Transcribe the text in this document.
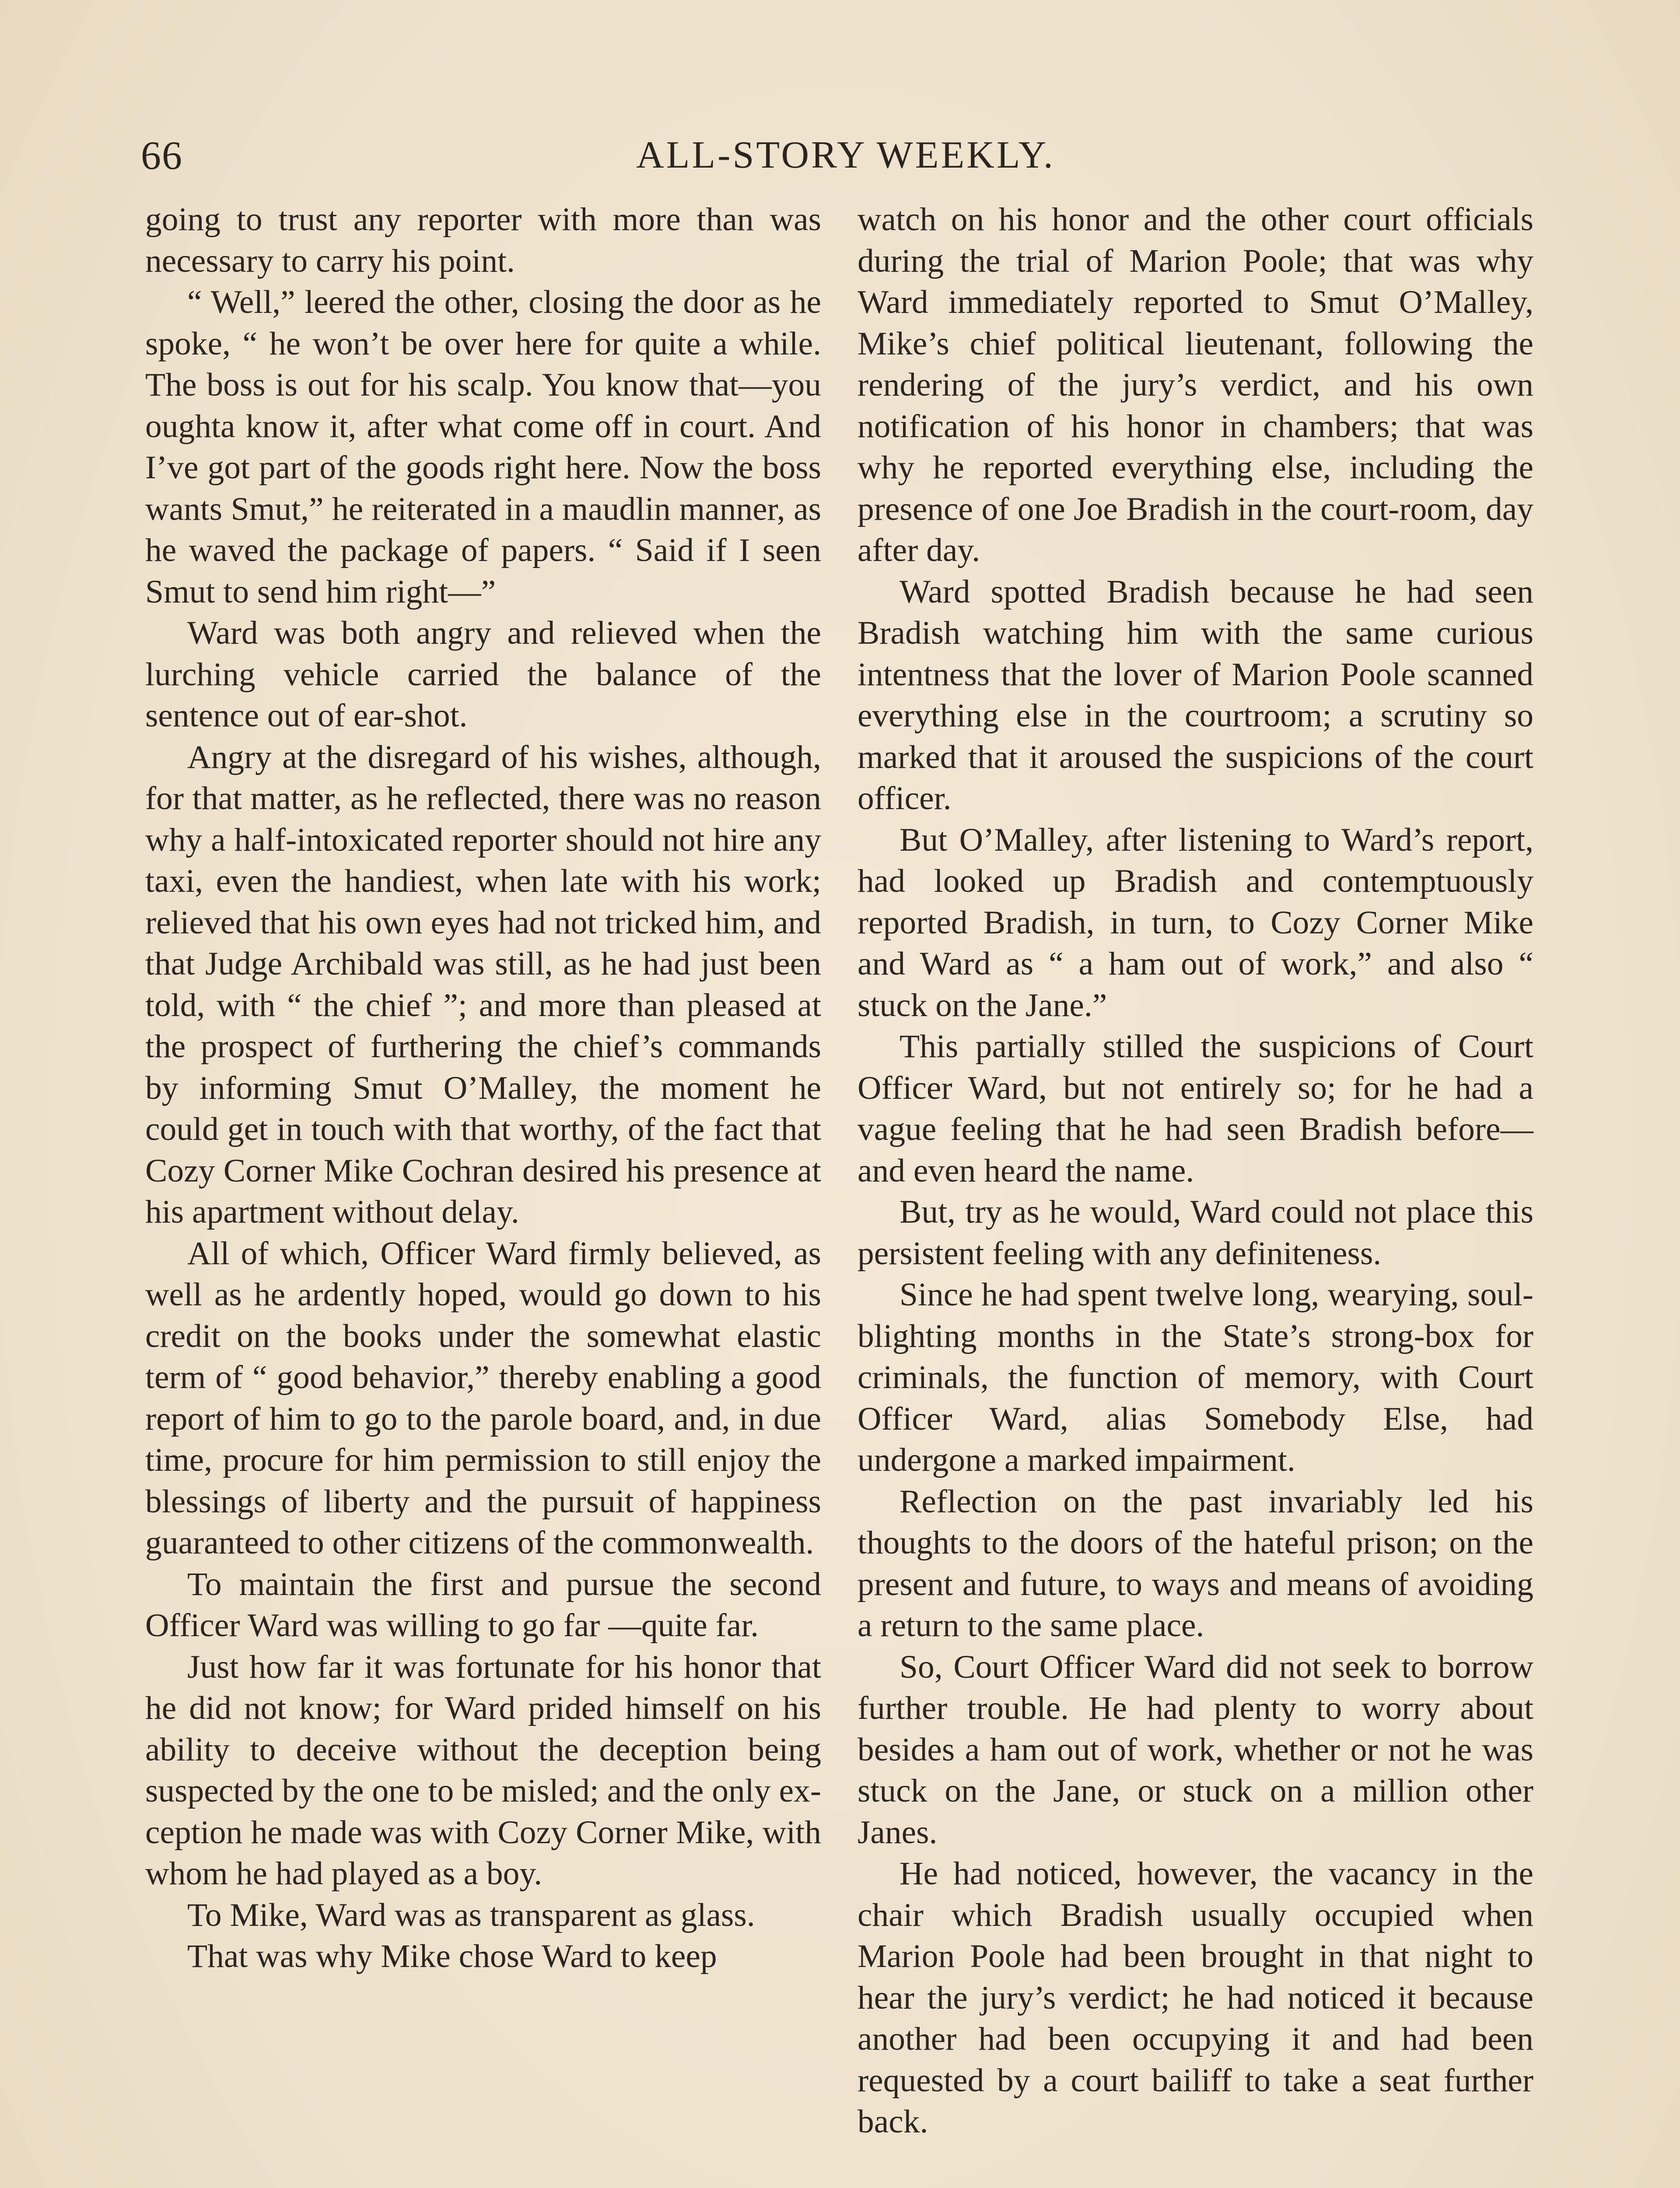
66	ALL-STORY WEEKLY.

going to trust any reporter with more than was necessary to carry his point.

“ Well,” leered the other, closing the door as he spoke, “ he won’t be over here for quite a while. The boss is out for his scalp. You know that—you oughta know it, after what come off in court. And I’ve got part of the goods right here. Now the boss wants Smut,” he reiterated in a maudlin manner, as he waved the package of papers. “ Said if I seen Smut to send him right—”

Ward was both angry and relieved when the lurching vehicle carried the balance of the sentence out of ear-shot.

Angry at the disregard of his wishes, although, for that matter, as he reflected, there was no reason why a half-intoxicated reporter should not hire any taxi, even the handiest, when late with his work; relieved that his own eyes had not tricked him, and that Judge Archibald was still, as he had just been told, with “ the chief ”; and more than pleased at the prospect of furthering the chief’s commands by informing Smut O’Malley, the moment he could get in touch with that worthy, of the fact that Cozy Corner Mike Cochran desired his presence at his apartment without delay.

All of which, Officer Ward firmly believed, as well as he ardently hoped, would go down to his credit on the books under the somewhat elastic term of “ good behavior,” thereby enabling a good report of him to go to the parole board, and, in due time, procure for him permission to still enjoy the blessings of liberty and the pursuit of happiness guaranteed to other citizens of the commonwealth.

To maintain the first and pursue the second Officer Ward was willing to go far —quite far.

Just how far it was fortunate for his honor that he did not know; for Ward prided himself on his ability to deceive without the deception being suspected by the one to be misled; and the only exception he made was with Cozy Corner Mike, with whom he had played as a boy.

To Mike, Ward was as transparent as glass.

That was why Mike chose Ward to keep

watch on his honor and the other court officials during the trial of Marion Poole; that was why Ward immediately reported to Smut O’Malley, Mike’s chief political lieutenant, following the rendering of the jury’s verdict, and his own notification of his honor in chambers; that was why he reported everything else, including the presence of one Joe Bradish in the court-room, day after day.

Ward spotted Bradish because he had seen Bradish watching him with the same curious intentness that the lover of Marion Poole scanned everything else in the courtroom; a scrutiny so marked that it aroused the suspicions of the court officer.

But O’Malley, after listening to Ward’s report, had looked up Bradish and contemptuously reported Bradish, in turn, to Cozy Corner Mike and Ward as “ a ham out of work,” and also “ stuck on the Jane.”

This partially stilled the suspicions of Court Officer Ward, but not entirely so; for he had a vague feeling that he had seen Bradish before—and even heard the name.

But, try as he would, Ward could not place this persistent feeling with any definiteness.

Since he had spent twelve long, wearying, soul-blighting months in the State’s strong-box for criminals, the function of memory, with Court Officer Ward, alias Somebody Else, had undergone a marked impairment.

Reflection on the past invariably led his thoughts to the doors of the hateful prison; on the present and future, to ways and means of avoiding a return to the same place.

So, Court Officer Ward did not seek to borrow further trouble. He had plenty to worry about besides a ham out of work, whether or not he was stuck on the Jane, or stuck on a million other Janes.

He had noticed, however, the vacancy in the chair which Bradish usually occupied when Marion Poole had been brought in that night to hear the jury’s verdict; he had noticed it because another had been occupying it and had been requested by a court bailiff to take a seat further back.
